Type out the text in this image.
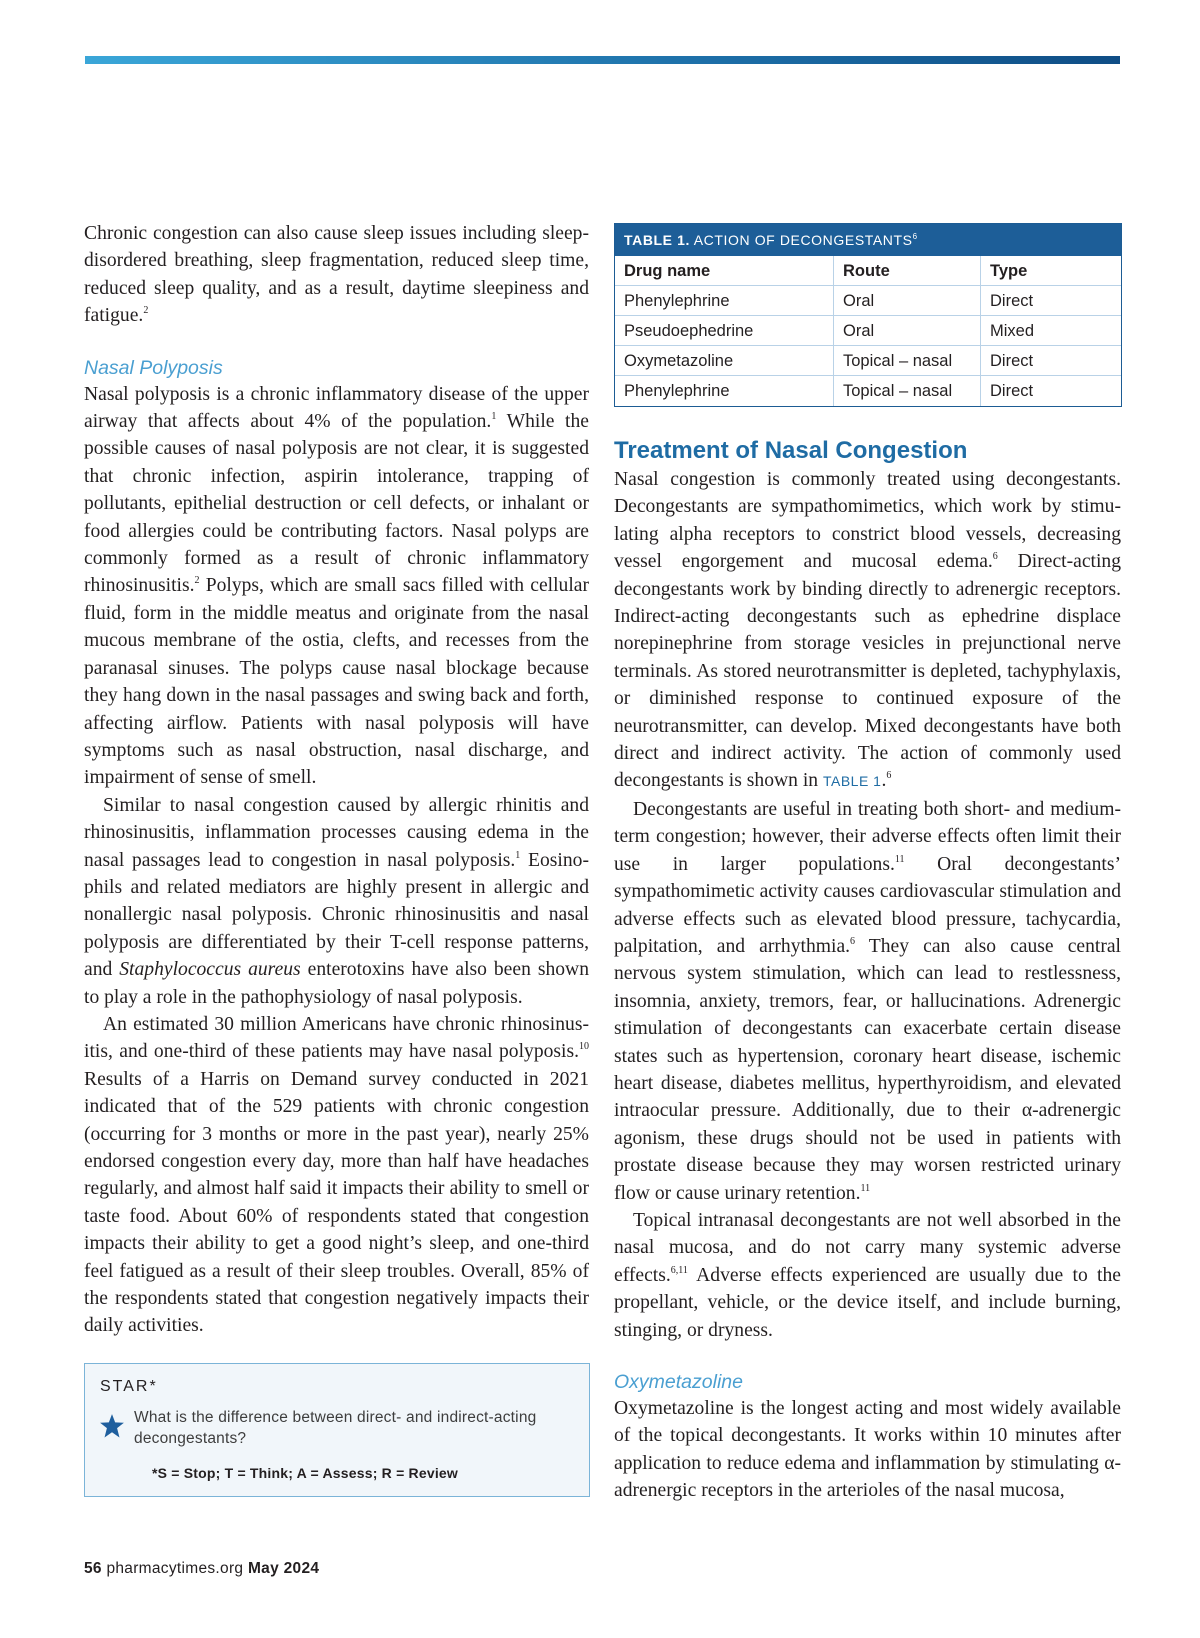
Chronic congestion can also cause sleep issues including sleep-disordered breathing, sleep fragmentation, reduced sleep time, reduced sleep quality, and as a result, daytime sleepiness and fatigue.$^2$

Nasal Polyposis

Nasal polyposis is a chronic inflammatory disease of the upper airway that affects about 4% of the population.$^1$ While the possible causes of nasal polyposis are not clear, it is suggested that chronic infection, aspirin intolerance, trapping of pollutants, epithelial destruction or cell defects, or inhalant or food allergies could be contributing factors. Nasal polyps are commonly formed as a result of chronic inflammatory rhinosinusitis.$^2$ Polyps, which are small sacs filled with cellular fluid, form in the middle meatus and originate from the nasal mucous membrane of the ostia, clefts, and recesses from the paranasal sinuses. The polyps cause nasal blockage because they hang down in the nasal passages and swing back and forth, affecting airflow. Patients with nasal polyposis will have symptoms such as nasal obstruction, nasal discharge, and impairment of sense of smell.

Similar to nasal congestion caused by allergic rhinitis and rhinosinusitis, inflammation processes causing edema in the nasal passages lead to congestion in nasal polyposis.$^1$ Eosinophils and related mediators are highly present in allergic and nonallergic nasal polyposis. Chronic rhinosinusitis and nasal polyposis are differentiated by their T-cell response patterns, and Staphylococcus aureus enterotoxins have also been shown to play a role in the pathophysiology of nasal polyposis.

An estimated 30 million Americans have chronic rhinosinusitis, and one-third of these patients may have nasal polyposis.$^{10}$ Results of a Harris on Demand survey conducted in 2021 indicated that of the 529 patients with chronic congestion (occurring for 3 months or more in the past year), nearly 25% endorsed congestion every day, more than half have headaches regularly, and almost half said it impacts their ability to smell or taste food. About 60% of respondents stated that congestion impacts their ability to get a good night’s sleep, and one-third feel fatigued as a result of their sleep troubles. Overall, 85% of the respondents stated that congestion negatively impacts their daily activities.

STAR*
What is the difference between direct- and indirect-acting decongestants?
*S = Stop; T = Think; A = Assess; R = Review
TABLE 1. ACTION OF DECONGESTANTS$^6$
Drug name	Route	Type
Phenylephrine	Oral	Direct
Pseudoephedrine	Oral	Mixed
Oxymetazoline	Topical – nasal	Direct
Phenylephrine	Topical – nasal	Direct
Treatment of Nasal Congestion

Nasal congestion is commonly treated using decongestants. Decongestants are sympathomimetics, which work by stimulating alpha receptors to constrict blood vessels, decreasing vessel engorgement and mucosal edema.$^6$ Direct-acting decongestants work by binding directly to adrenergic receptors. Indirect-acting decongestants such as ephedrine displace norepinephrine from storage vesicles in prejunctional nerve terminals. As stored neurotransmitter is depleted, tachyphylaxis, or diminished response to continued exposure of the neurotransmitter, can develop. Mixed decongestants have both direct and indirect activity. The action of commonly used decongestants is shown in TABLE 1.$^6$

Decongestants are useful in treating both short- and medium-term congestion; however, their adverse effects often limit their use in larger populations.$^{11}$ Oral decongestants’ sympathomimetic activity causes cardiovascular stimulation and adverse effects such as elevated blood pressure, tachycardia, palpitation, and arrhythmia.$^6$ They can also cause central nervous system stimulation, which can lead to restlessness, insomnia, anxiety, tremors, fear, or hallucinations. Adrenergic stimulation of decongestants can exacerbate certain disease states such as hypertension, coronary heart disease, ischemic heart disease, diabetes mellitus, hyperthyroidism, and elevated intraocular pressure. Additionally, due to their α-adrenergic agonism, these drugs should not be used in patients with prostate disease because they may worsen restricted urinary flow or cause urinary retention.$^{11}$

Topical intranasal decongestants are not well absorbed in the nasal mucosa, and do not carry many systemic adverse effects.$^{6,11}$ Adverse effects experienced are usually due to the propellant, vehicle, or the device itself, and include burning, stinging, or dryness.

Oxymetazoline

Oxymetazoline is the longest acting and most widely available of the topical decongestants. It works within 10 minutes after application to reduce edema and inflammation by stimulating α-adrenergic receptors in the arterioles of the nasal mucosa,

56 pharmacytimes.org May 2024
